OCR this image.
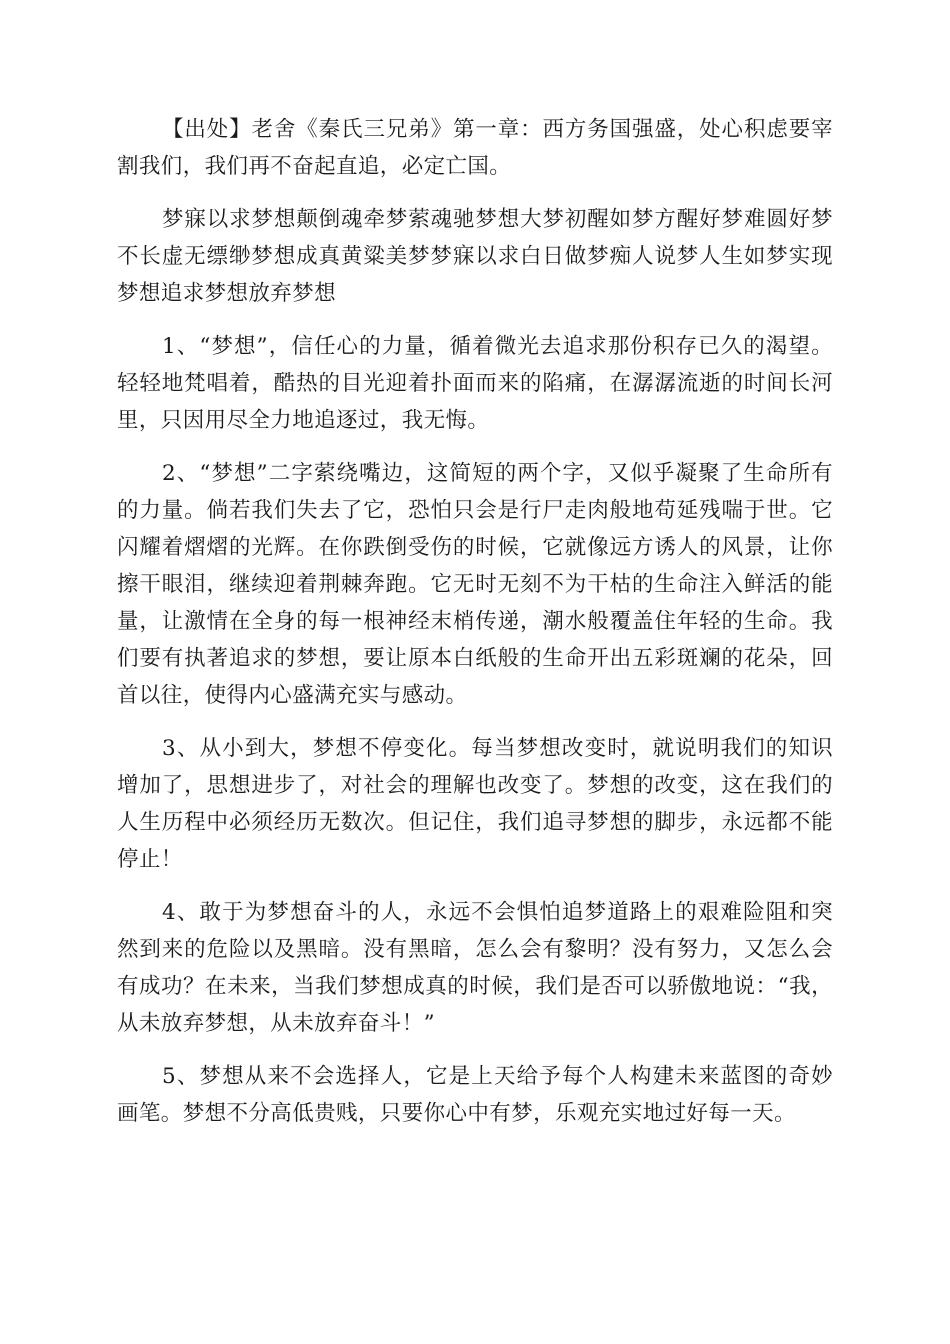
【出处】老舍《秦氏三兄弟》第一章：西方务国强盛，处心积虑要宰割我们，我们再不奋起直追，必定亡国。

梦寐以求梦想颠倒魂牵梦萦魂驰梦想大梦初醒如梦方醒好梦难圆好梦不长虚无缥缈梦想成真黄粱美梦梦寐以求白日做梦痴人说梦人生如梦实现梦想追求梦想放弃梦想

1、“梦想”，信任心的力量，循着微光去追求那份积存已久的渴望。轻轻地梵唱着，酷热的目光迎着扑面而来的陷痛，在潺潺流逝的时间长河里，只因用尽全力地追逐过，我无悔。

2、“梦想”二字萦绕嘴边，这简短的两个字，又似乎凝聚了生命所有的力量。倘若我们失去了它，恐怕只会是行尸走肉般地苟延残喘于世。它闪耀着熠熠的光辉。在你跌倒受伤的时候，它就像远方诱人的风景，让你擦干眼泪，继续迎着荆棘奔跑。它无时无刻不为干枯的生命注入鲜活的能量，让激情在全身的每一根神经末梢传递，潮水般覆盖住年轻的生命。我们要有执著追求的梦想，要让原本白纸般的生命开出五彩斑斓的花朵，回首以往，使得内心盛满充实与感动。

3、从小到大，梦想不停变化。每当梦想改变时，就说明我们的知识增加了，思想进步了，对社会的理解也改变了。梦想的改变，这在我们的人生历程中必须经历无数次。但记住，我们追寻梦想的脚步，永远都不能停止！

4、敢于为梦想奋斗的人，永远不会惧怕追梦道路上的艰难险阻和突然到来的危险以及黑暗。没有黑暗，怎么会有黎明？没有努力，又怎么会有成功？在未来，当我们梦想成真的时候，我们是否可以骄傲地说：“我，从未放弃梦想，从未放弃奋斗！”

5、梦想从来不会选择人，它是上天给予每个人构建未来蓝图的奇妙画笔。梦想不分高低贵贱，只要你心中有梦，乐观充实地过好每一天。
